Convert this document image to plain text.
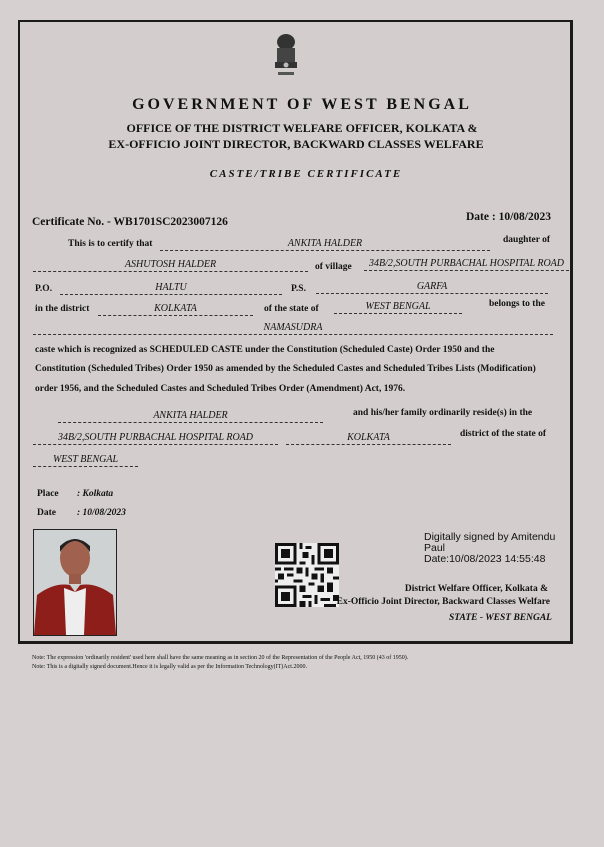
GOVERNMENT OF WEST BENGAL
OFFICE OF THE DISTRICT WELFARE OFFICER, KOLKATA &
EX-OFFICIO JOINT DIRECTOR, BACKWARD CLASSES WELFARE
CASTE/TRIBE CERTIFICATE
Certificate No. - WB1701SC2023007126	Date : 10/08/2023
This is to certify that	ANKITA HALDER	daughter of
ASHUTOSH HALDER	of village	34B/2,SOUTH PURBACHAL HOSPITAL ROAD
P.O.	HALTU	P.S.	GARFA
in the district	KOLKATA	of the state of	WEST BENGAL	belongs to the
NAMASUDRA
caste which is recognized as SCHEDULED CASTE under the Constitution (Scheduled Caste) Order 1950 and the
Constitution (Scheduled Tribes) Order 1950 as amended by the Scheduled Castes and Scheduled Tribes Lists (Modification)
order 1956, and the Scheduled Castes and Scheduled Tribes Order (Amendment) Act, 1976.
ANKITA HALDER	and his/her family ordinarily reside(s) in the
34B/2,SOUTH PURBACHAL HOSPITAL ROAD	KOLKATA	district of the state of
WEST BENGAL
Place : Kolkata
Date : 10/08/2023
Digitally signed by Amitendu
Paul
Date:10/08/2023 14:55:48
District Welfare Officer, Kolkata &
Ex-Officio Joint Director, Backward Classes Welfare
STATE - WEST BENGAL
Note: The expression 'ordinarily resident' used here shall have the same meaning as in section 20 of the Representation of the People Act, 1950 (43 of 1950).
Note: This is a digitally signed document.Hence it is legally valid as per the Information Technology(IT)Act.2000.
